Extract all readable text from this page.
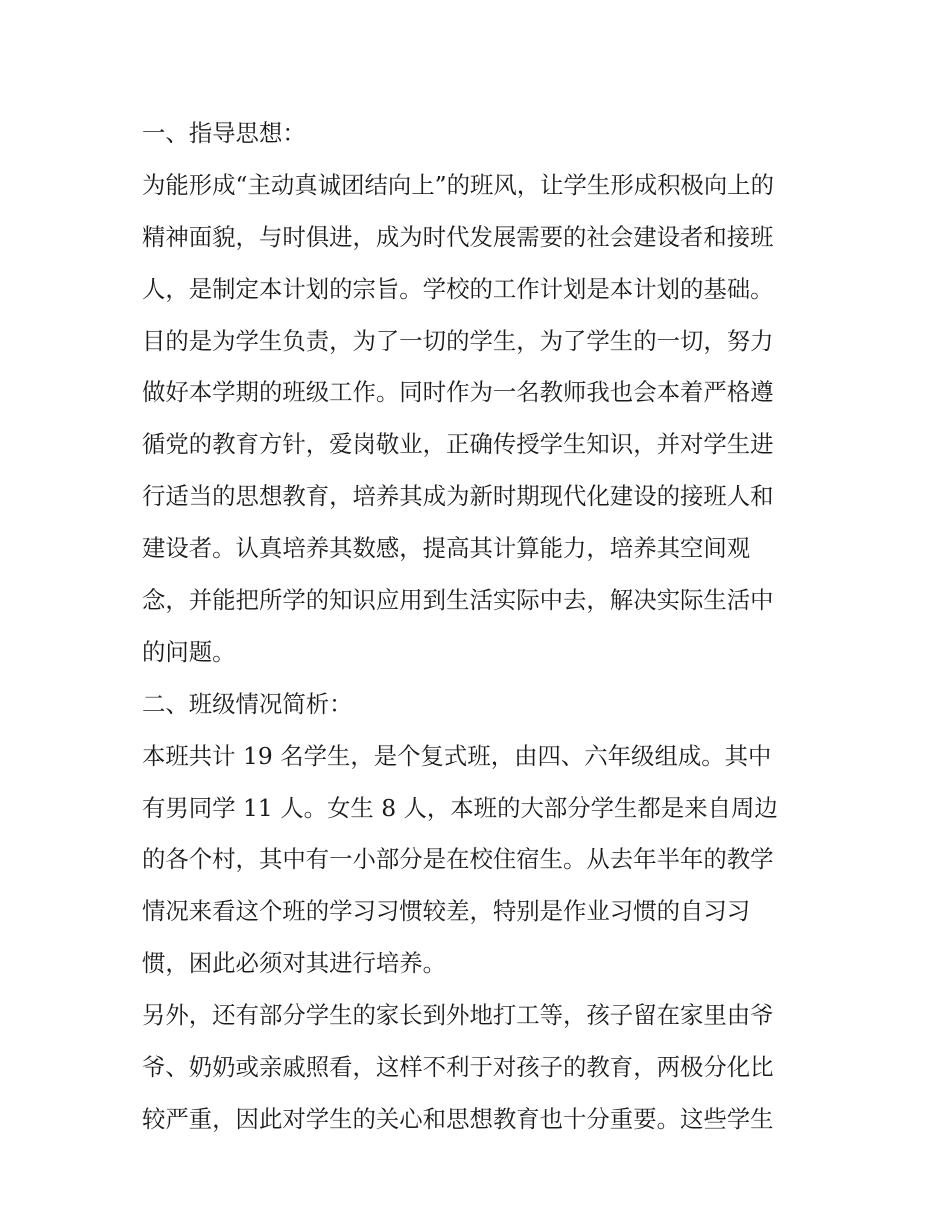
一、指导思想：
为能形成“主动真诚团结向上”的班风，让学生形成积极向上的
精神面貌，与时俱进，成为时代发展需要的社会建设者和接班
人，是制定本计划的宗旨。学校的工作计划是本计划的基础。
目的是为学生负责，为了一切的学生，为了学生的一切，努力
做好本学期的班级工作。同时作为一名教师我也会本着严格遵
循党的教育方针，爱岗敬业，正确传授学生知识，并对学生进
行适当的思想教育，培养其成为新时期现代化建设的接班人和
建设者。认真培养其数感，提高其计算能力，培养其空间观
念，并能把所学的知识应用到生活实际中去，解决实际生活中
的问题。
二、班级情况简析：
本班共计 19 名学生，是个复式班，由四、六年级组成。其中
有男同学 11 人。女生 8 人，本班的大部分学生都是来自周边
的各个村，其中有一小部分是在校住宿生。从去年半年的教学
情况来看这个班的学习习惯较差，特别是作业习惯的自习习
惯，困此必须对其进行培养。
另外，还有部分学生的家长到外地打工等，孩子留在家里由爷
爷、奶奶或亲戚照看，这样不利于对孩子的教育，两极分化比
较严重，因此对学生的关心和思想教育也十分重要。这些学生
